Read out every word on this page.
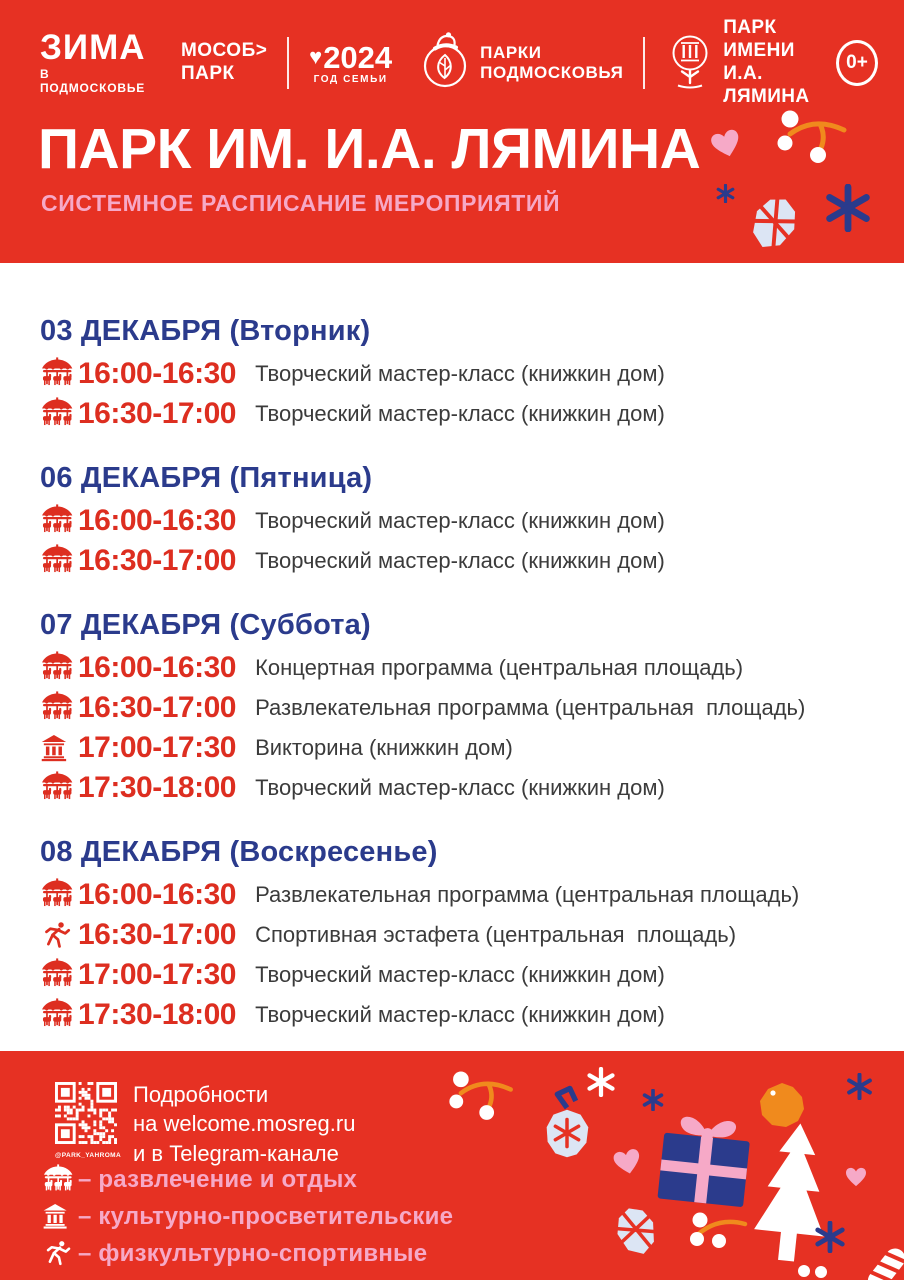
ЗИМА
В ПОДМОСКОВЬЕ
МОСОБ>
ПАРК
♥ 2024
ГОД СЕМЬИ
ПАРКИ
ПОДМОСКОВЬЯ
ПАРК ИМЕНИ
И.А. ЛЯМИНА
0+
ПАРК ИМ. И.А. ЛЯМИНА
СИСТЕМНОЕ РАСПИСАНИЕ МЕРОПРИЯТИЙ
03 ДЕКАБРЯ (Вторник)
16:00-16:30 Творческий мастер-класс (книжкин дом)
16:30-17:00 Творческий мастер-класс (книжкин дом)
06 ДЕКАБРЯ (Пятница)
16:00-16:30 Творческий мастер-класс (книжкин дом)
16:30-17:00 Творческий мастер-класс (книжкин дом)
07 ДЕКАБРЯ (Суббота)
16:00-16:30 Концертная программа (центральная площадь)
16:30-17:00 Развлекательная программа (центральная  площадь)
17:00-17:30 Викторина (книжкин дом)
17:30-18:00 Творческий мастер-класс (книжкин дом)
08 ДЕКАБРЯ (Воскресенье)
16:00-16:30 Развлекательная программа (центральная площадь)
16:30-17:00 Спортивная эстафета (центральная  площадь)
17:00-17:30 Творческий мастер-класс (книжкин дом)
17:30-18:00 Творческий мастер-класс (книжкин дом)
@PARK_YAHROMA
Подробности
на welcome.mosreg.ru
и в Telegram-канале
– развлечение и отдых
– культурно-просветительские
– физкультурно-спортивные
